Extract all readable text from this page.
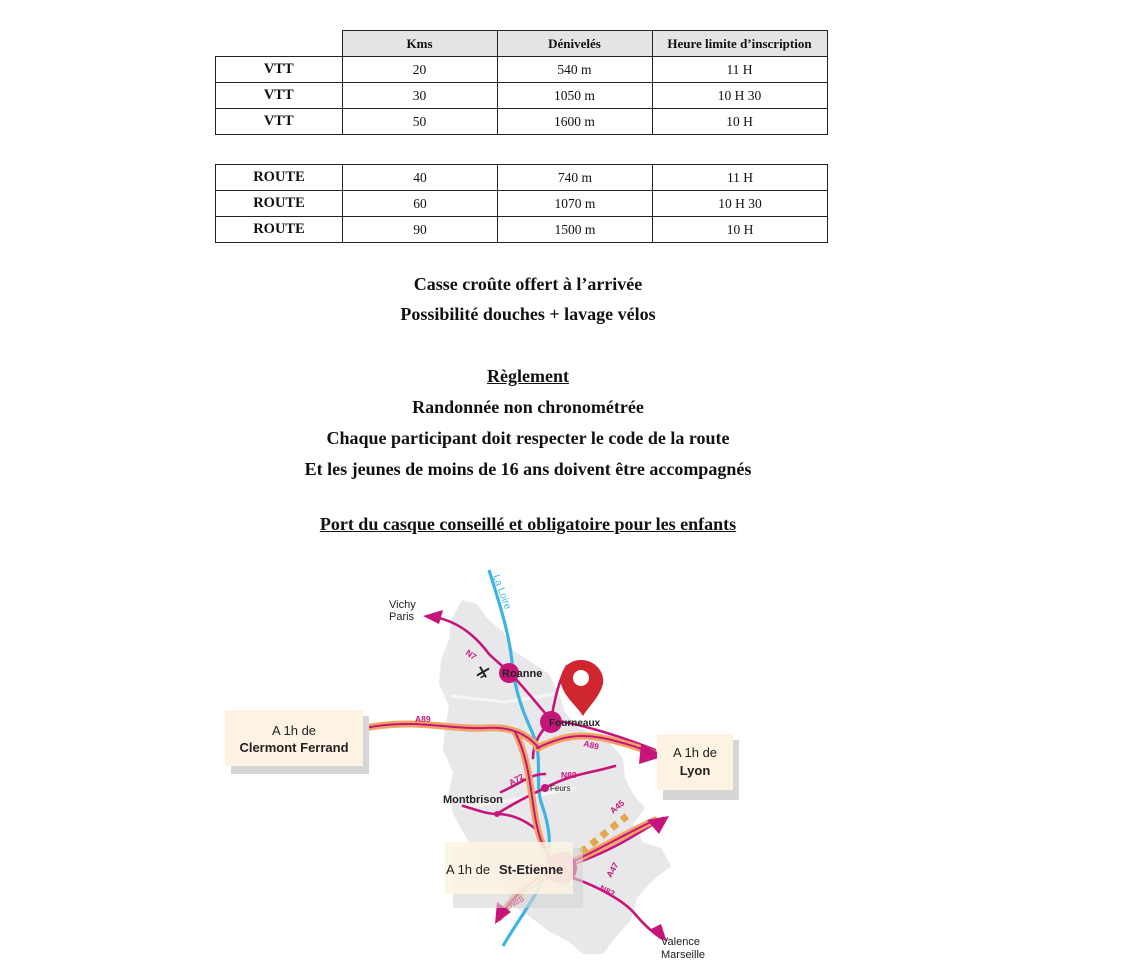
	Kms	Dénivelés	Heure limite d’inscription
VTT	20	540 m	11 H
VTT	30	1050 m	10 H 30
VTT	50	1600 m	10 H
ROUTE	40	740 m	11 H
ROUTE	60	1070 m	10 H 30
ROUTE	90	1500 m	10 H
Casse croûte offert à l’arrivée
Possibilité douches + lavage vélos
Règlement
Randonnée non chronométrée
Chaque participant doit respecter le code de la route
Et les jeunes de moins de 16 ans doivent être accompagnés
Port du casque conseillé et obligatoire pour les enfants
N7
A89
A89
A72	N89
A45
A47
N82
La Loire
Roanne
Fourneaux
Montbrison
Feurs
Vichy
Paris
Valence
Marseille
A 1h de
Clermont Ferrand	A 1h de
Lyon
A 1h de St-Etienne
